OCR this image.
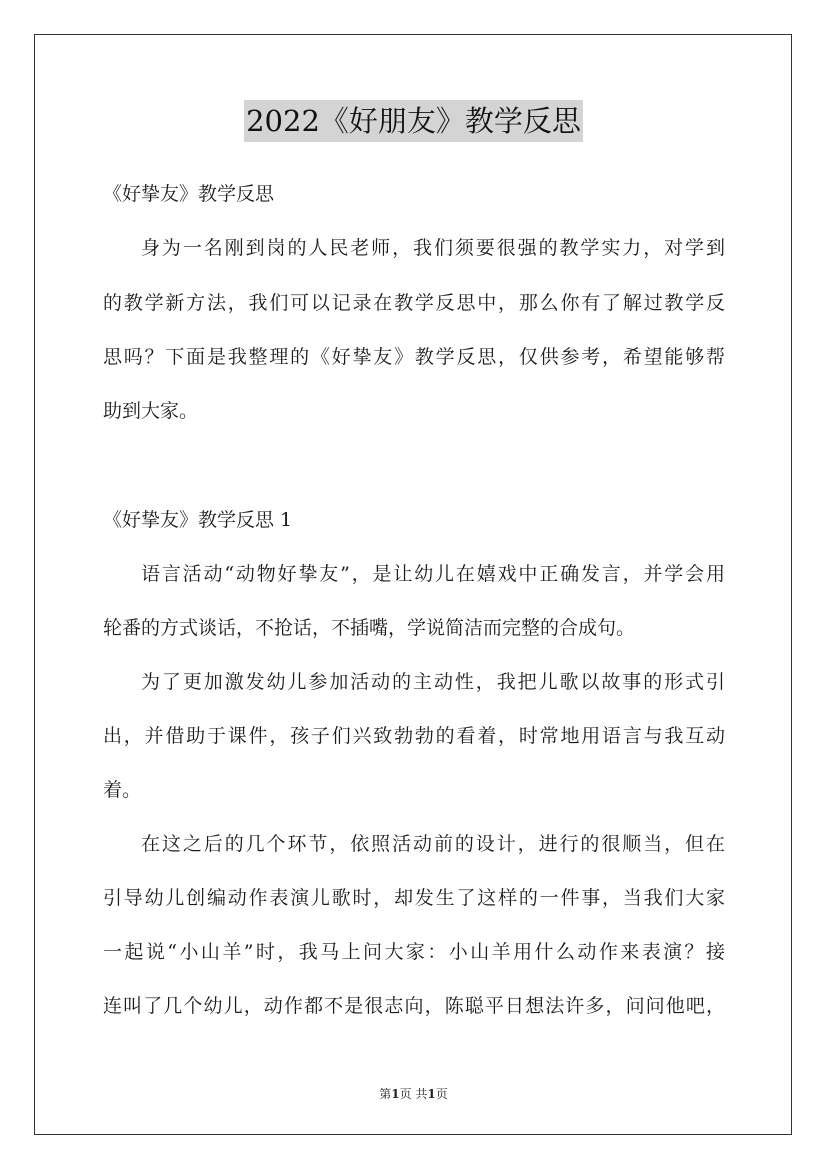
2022《好朋友》教学反思
《好挚友》教学反思
身为一名刚到岗的人民老师，我们须要很强的教学实力，对学到
的教学新方法，我们可以记录在教学反思中，那么你有了解过教学反
思吗？下面是我整理的《好挚友》教学反思，仅供参考，希望能够帮
助到大家。
《好挚友》教学反思 1
语言活动“动物好挚友”，是让幼儿在嬉戏中正确发言，并学会用
轮番的方式谈话，不抢话，不插嘴，学说简洁而完整的合成句。
为了更加激发幼儿参加活动的主动性，我把儿歌以故事的形式引
出，并借助于课件，孩子们兴致勃勃的看着，时常地用语言与我互动
着。
在这之后的几个环节，依照活动前的设计，进行的很顺当，但在
引导幼儿创编动作表演儿歌时，却发生了这样的一件事，当我们大家
一起说“小山羊”时，我马上问大家：小山羊用什么动作来表演？接
连叫了几个幼儿，动作都不是很志向，陈聪平日想法许多，问问他吧，
第1页 共1页
